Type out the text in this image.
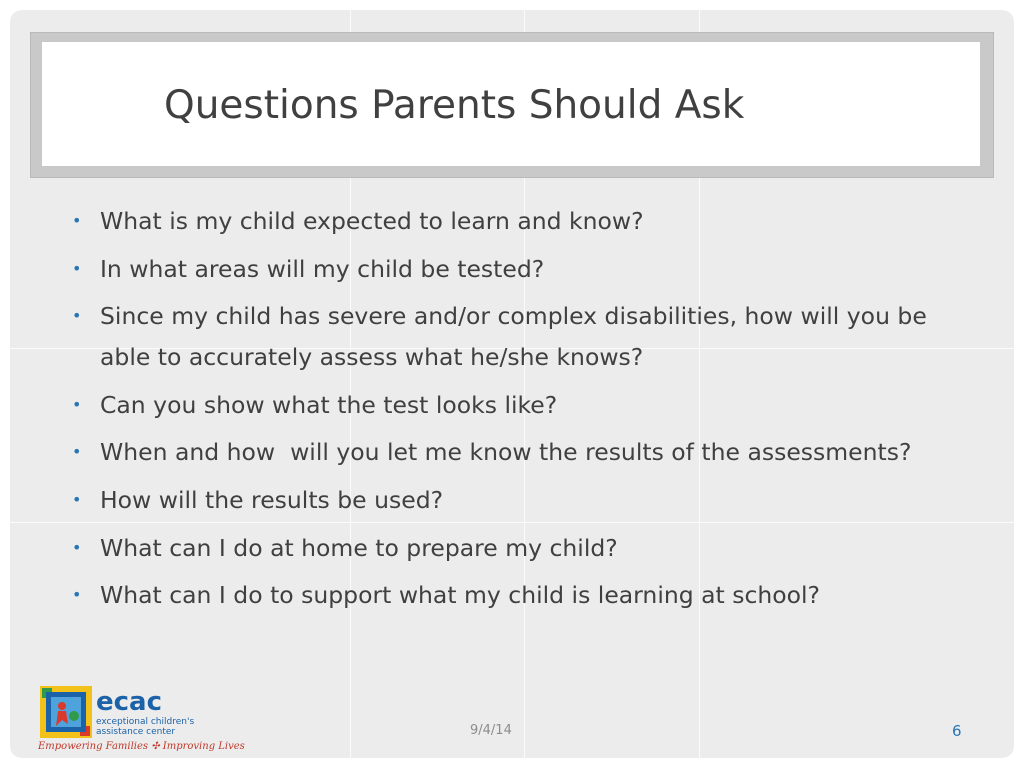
Questions Parents Should Ask
• What is my child expected to learn and know?
• In what areas will my child be tested?
• Since my child has severe and/or complex disabilities, how will you be able to accurately assess what he/she knows?
• Can you show what the test looks like?
• When and how  will you let me know the results of the assessments?
• How will the results be used?
• What can I do at home to prepare my child?
• What can I do to support what my child is learning at school?
ecac
exceptional children's
assistance center
Empowering Families ✣ Improving Lives
9/4/14	6
